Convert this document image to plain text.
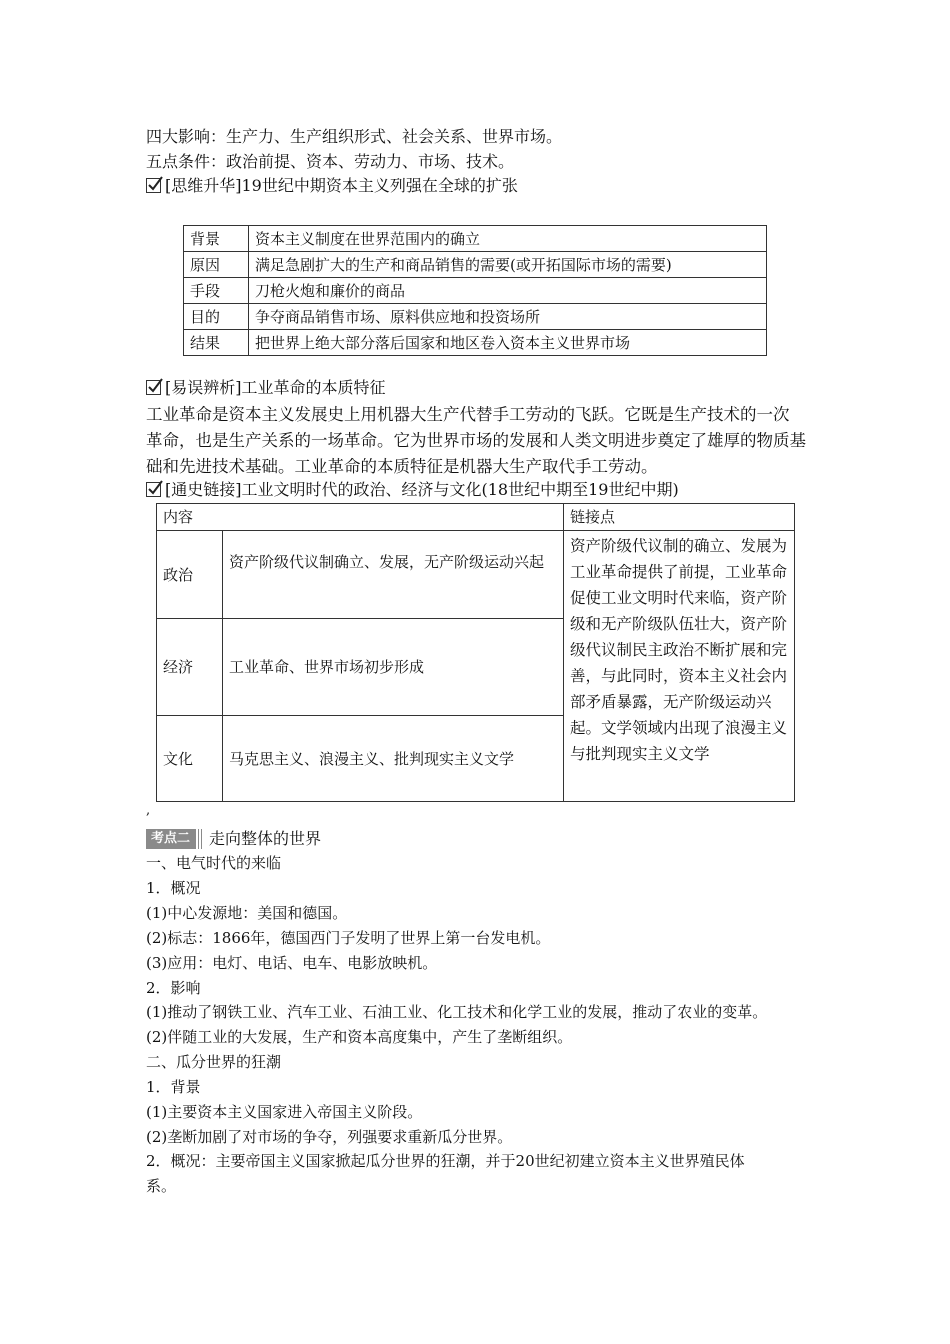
四大影响：生产力、生产组织形式、社会关系、世界市场。
五点条件：政治前提、资本、劳动力、市场、技术。
[思维升华]19世纪中期资本主义列强在全球的扩张
背景	资本主义制度在世界范围内的确立
原因	满足急剧扩大的生产和商品销售的需要(或开拓国际市场的需要)
手段	刀枪火炮和廉价的商品
目的	争夺商品销售市场、原料供应地和投资场所
结果	把世界上绝大部分落后国家和地区卷入资本主义世界市场
[易误辨析]工业革命的本质特征
工业革命是资本主义发展史上用机器大生产代替手工劳动的飞跃。它既是生产技术的一次
革命，也是生产关系的一场革命。它为世界市场的发展和人类文明进步奠定了雄厚的物质基
础和先进技术基础。工业革命的本质特征是机器大生产取代手工劳动。
[通史链接]工业文明时代的政治、经济与文化(18世纪中期至19世纪中期)
内容		链接点
政治	资产阶级代议制确立、发展，无产阶级运动兴起	资产阶级代议制的确立、发展为工业革命提供了前提，工业革命促使工业文明时代来临，资产阶级和无产阶级队伍壮大，资产阶级代议制民主政治不断扩展和完善，与此同时，资本主义社会内部矛盾暴露，无产阶级运动兴起。文学领域内出现了浪漫主义与批判现实主义文学
经济	工业革命、世界市场初步形成	
文化	马克思主义、浪漫主义、批判现实主义文学	
,
考点二 走向整体的世界
一、电气时代的来临
1．概况
(1)中心发源地：美国和德国。
(2)标志：1866年，德国西门子发明了世界上第一台发电机。
(3)应用：电灯、电话、电车、电影放映机。
2．影响
(1)推动了钢铁工业、汽车工业、石油工业、化工技术和化学工业的发展，推动了农业的变革。
(2)伴随工业的大发展，生产和资本高度集中，产生了垄断组织。
二、瓜分世界的狂潮
1．背景
(1)主要资本主义国家进入帝国主义阶段。
(2)垄断加剧了对市场的争夺，列强要求重新瓜分世界。
2．概况：主要帝国主义国家掀起瓜分世界的狂潮，并于20世纪初建立资本主义世界殖民体
系。
